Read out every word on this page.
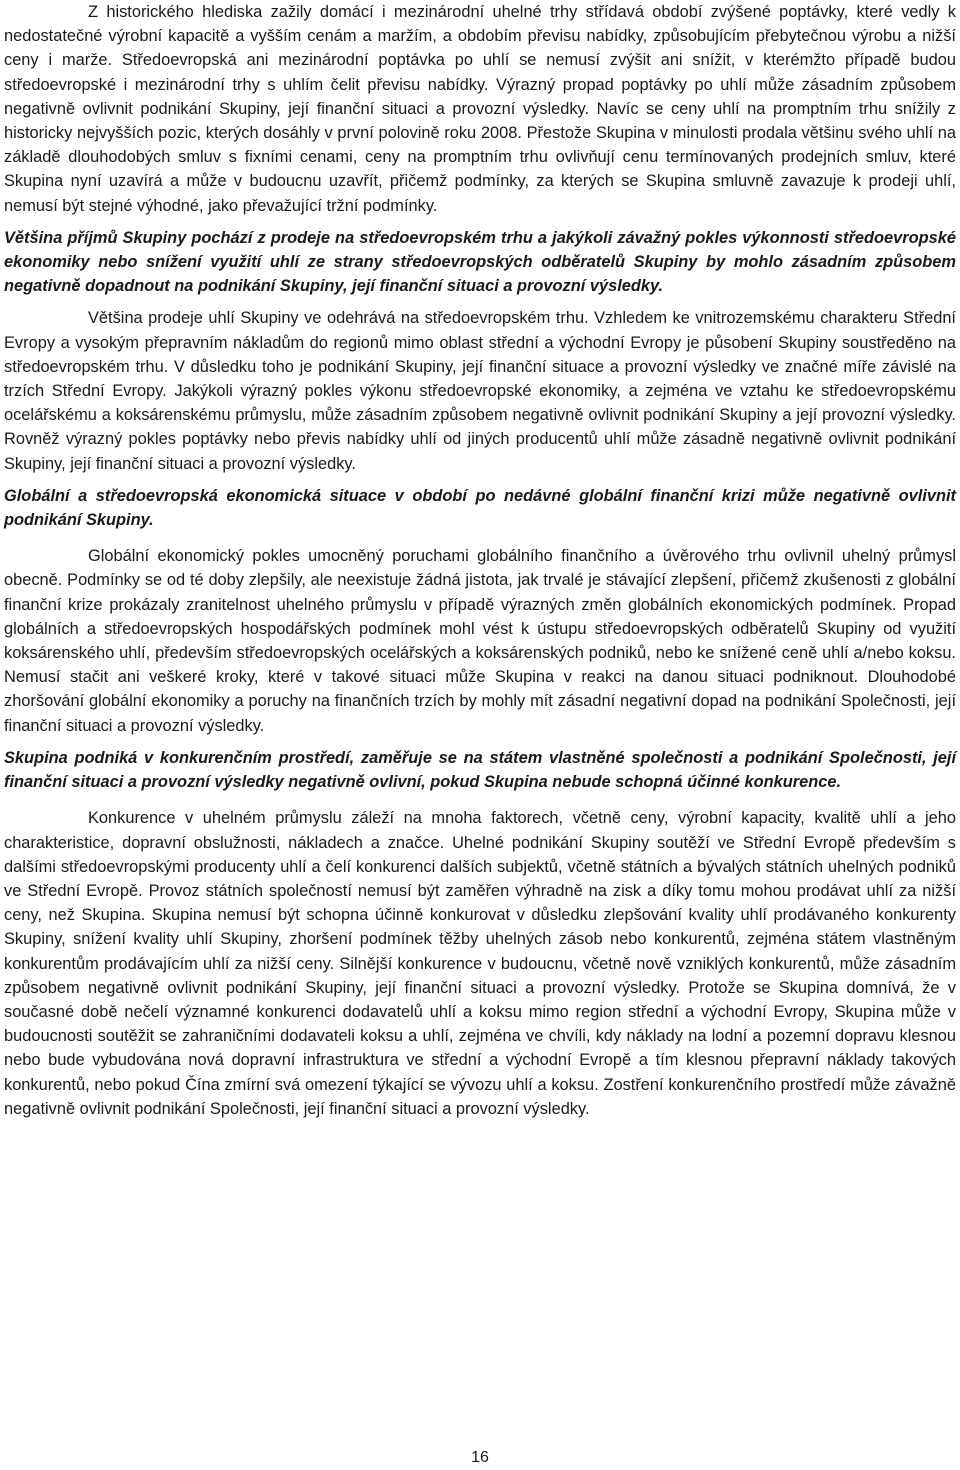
Z historického hlediska zažily domácí i mezinárodní uhelné trhy střídavá období zvýšené poptávky, které vedly k nedostatečné výrobní kapacitě a vyšším cenám a maržím, a obdobím převisu nabídky, způsobujícím přebytečnou výrobu a nižší ceny i marže. Středoevropská ani mezinárodní poptávka po uhlí se nemusí zvýšit ani snížit, v kterémžto případě budou středoevropské i mezinárodní trhy s uhlím čelit převisu nabídky. Výrazný propad poptávky po uhlí může zásadním způsobem negativně ovlivnit podnikání Skupiny, její finanční situaci a provozní výsledky. Navíc se ceny uhlí na promptním trhu snížily z historicky nejvyšších pozic, kterých dosáhly v první polovině roku 2008. Přestože Skupina v minulosti prodala většinu svého uhlí na základě dlouhodobých smluv s fixními cenami, ceny na promptním trhu ovlivňují cenu termínovaných prodejních smluv, které Skupina nyní uzavírá a může v budoucnu uzavřít, přičemž podmínky, za kterých se Skupina smluvně zavazuje k prodeji uhlí, nemusí být stejné výhodné, jako převažující tržní podmínky.

Většina příjmů Skupiny pochází z prodeje na středoevropském trhu a jakýkoli závažný pokles výkonnosti středoevropské ekonomiky nebo snížení využití uhlí ze strany středoevropských odběratelů Skupiny by mohlo zásadním způsobem negativně dopadnout na podnikání Skupiny, její finanční situaci a provozní výsledky.

Většina prodeje uhlí Skupiny ve odehrává na středoevropském trhu. Vzhledem ke vnitrozemskému charakteru Střední Evropy a vysokým přepravním nákladům do regionů mimo oblast střední a východní Evropy je působení Skupiny soustředěno na středoevropském trhu. V důsledku toho je podnikání Skupiny, její finanční situace a provozní výsledky ve značné míře závislé na trzích Střední Evropy. Jakýkoli výrazný pokles výkonu středoevropské ekonomiky, a zejména ve vztahu ke středoevropskému ocelářskému a koksárenskému průmyslu, může zásadním způsobem negativně ovlivnit podnikání Skupiny a její provozní výsledky. Rovněž výrazný pokles poptávky nebo převis nabídky uhlí od jiných producentů uhlí může zásadně negativně ovlivnit podnikání Skupiny, její finanční situaci a provozní výsledky.

Globální a středoevropská ekonomická situace v období po nedávné globální finanční krizi může negativně ovlivnit podnikání Skupiny.

Globální ekonomický pokles umocněný poruchami globálního finančního a úvěrového trhu ovlivnil uhelný průmysl obecně. Podmínky se od té doby zlepšily, ale neexistuje žádná jistota, jak trvalé je stávající zlepšení, přičemž zkušenosti z globální finanční krize prokázaly zranitelnost uhelného průmyslu v případě výrazných změn globálních ekonomických podmínek. Propad globálních a středoevropských hospodářských podmínek mohl vést k ústupu středoevropských odběratelů Skupiny od využití koksárenského uhlí, především středoevropských ocelářských a koksárenských podniků, nebo ke snížené ceně uhlí a/nebo koksu. Nemusí stačit ani veškeré kroky, které v takové situaci může Skupina v reakci na danou situaci podniknout. Dlouhodobé zhoršování globální ekonomiky a poruchy na finančních trzích by mohly mít zásadní negativní dopad na podnikání Společnosti, její finanční situaci a provozní výsledky.

Skupina podniká v konkurenčním prostředí, zaměřuje se na státem vlastněné společnosti a podnikání Společnosti, její finanční situaci a provozní výsledky negativně ovlivní, pokud Skupina nebude schopná účinné konkurence.

Konkurence v uhelném průmyslu záleží na mnoha faktorech, včetně ceny, výrobní kapacity, kvalitě uhlí a jeho charakteristice, dopravní obslužnosti, nákladech a značce. Uhelné podnikání Skupiny soutěží ve Střední Evropě především s dalšími středoevropskými producenty uhlí a čelí konkurenci dalších subjektů, včetně státních a bývalých státních uhelných podniků ve Střední Evropě. Provoz státních společností nemusí být zaměřen výhradně na zisk a díky tomu mohou prodávat uhlí za nižší ceny, než Skupina. Skupina nemusí být schopna účinně konkurovat v důsledku zlepšování kvality uhlí prodávaného konkurenty Skupiny, snížení kvality uhlí Skupiny, zhoršení podmínek těžby uhelných zásob nebo konkurentů, zejména státem vlastněným konkurentům prodávajícím uhlí za nižší ceny. Silnější konkurence v budoucnu, včetně nově vzniklých konkurentů, může zásadním způsobem negativně ovlivnit podnikání Skupiny, její finanční situaci a provozní výsledky. Protože se Skupina domnívá, že v současné době nečelí významné konkurenci dodavatelů uhlí a koksu mimo region střední a východní Evropy, Skupina může v budoucnosti soutěžit se zahraničními dodavateli koksu a uhlí, zejména ve chvíli, kdy náklady na lodní a pozemní dopravu klesnou nebo bude vybudována nová dopravní infrastruktura ve střední a východní Evropě a tím klesnou přepravní náklady takových konkurentů, nebo pokud Čína zmírní svá omezení týkající se vývozu uhlí a koksu. Zostření konkurenčního prostředí může závažně negativně ovlivnit podnikání Společnosti, její finanční situaci a provozní výsledky.

16
